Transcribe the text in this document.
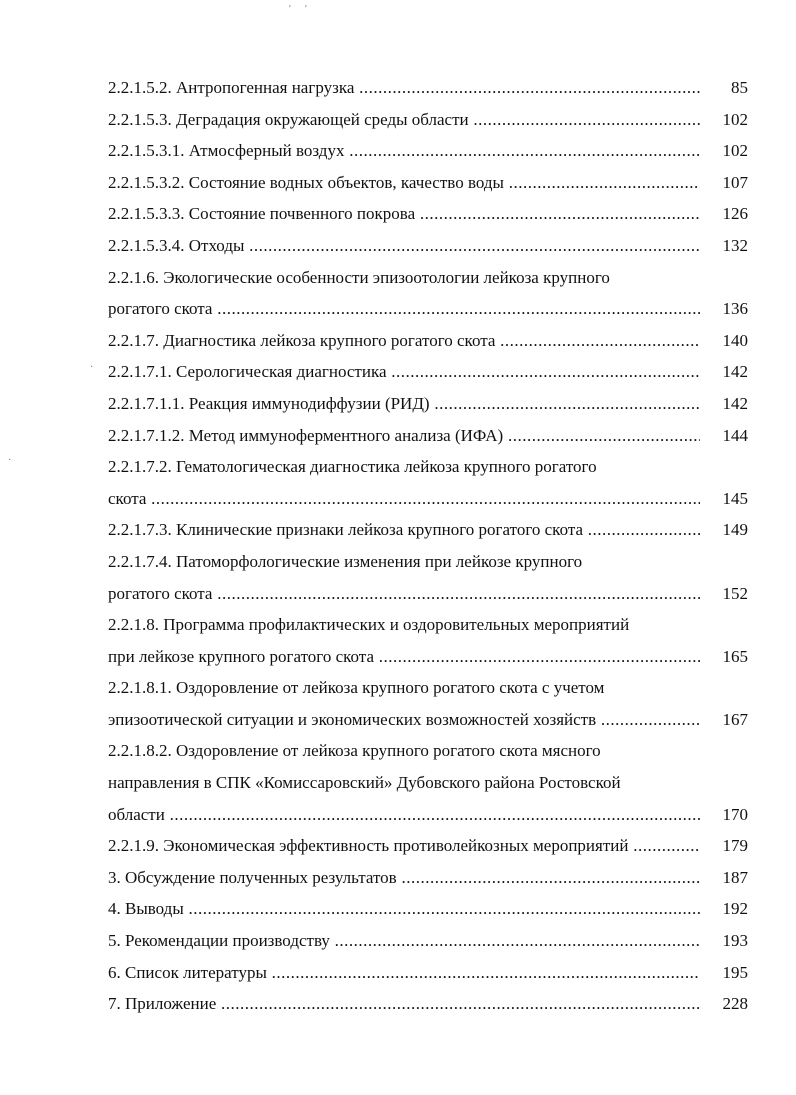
' '
·
·
2.2.1.5.2. Антропогенная нагрузка .....	85
2.2.1.5.3. Деградация окружающей среды области .....	102
2.2.1.5.3.1. Атмосферный воздух .....	102
2.2.1.5.3.2. Состояние водных объектов, качество воды .....	107
2.2.1.5.3.3. Состояние почвенного покрова .....	126
2.2.1.5.3.4. Отходы .....	132
2.2.1.6. Экологические особенности эпизоотологии лейкоза крупного
рогатого скота .....	136
2.2.1.7. Диагностика лейкоза крупного рогатого скота .....	140
2.2.1.7.1. Серологическая диагностика .....	142
2.2.1.7.1.1. Реакция иммунодиффузии (РИД) .....	142
2.2.1.7.1.2. Метод иммуноферментного анализа (ИФА) .....	144
2.2.1.7.2. Гематологическая диагностика лейкоза крупного рогатого
скота .....	145
2.2.1.7.3. Клинические признаки лейкоза крупного рогатого скота .....	149
2.2.1.7.4. Патоморфологические изменения при лейкозе крупного
рогатого скота .....	152
2.2.1.8. Программа профилактических и оздоровительных мероприятий
при лейкозе крупного рогатого скота .....	165
2.2.1.8.1. Оздоровление от лейкоза крупного рогатого скота с учетом
эпизоотической ситуации и экономических возможностей хозяйств .....	167
2.2.1.8.2. Оздоровление от лейкоза крупного рогатого скота мясного
направления в СПК «Комиссаровский» Дубовского района Ростовской
области .....	170
2.2.1.9. Экономическая эффективность противолейкозных мероприятий .....	179
3. Обсуждение полученных результатов .....	187
4. Выводы .....	192
5. Рекомендации производству .....	193
6. Список литературы .....	195
7. Приложение .....	228
